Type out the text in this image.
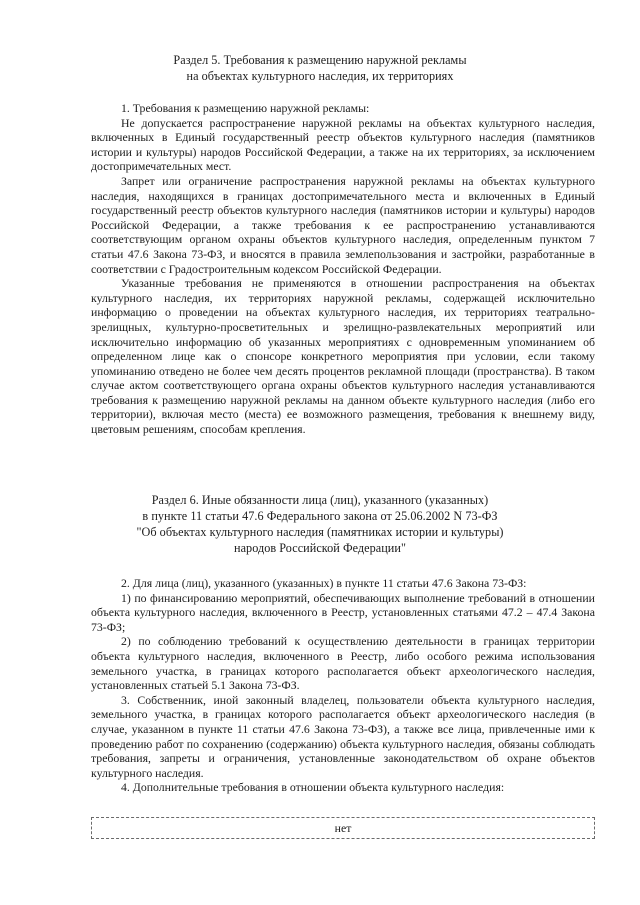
Раздел 5. Требования к размещению наружной рекламы
на объектах культурного наследия, их территориях

1. Требования к размещению наружной рекламы:

Не допускается распространение наружной рекламы на объектах культурного наследия, включенных в Единый государственный реестр объектов культурного наследия (памятников истории и культуры) народов Российской Федерации, а также на их территориях, за исключением достопримечательных мест.

Запрет или ограничение распространения наружной рекламы на объектах культурного наследия, находящихся в границах достопримечательного места и включенных в Единый государственный реестр объектов культурного наследия (памятников истории и культуры) народов Российской Федерации, а также требования к ее распространению устанавливаются соответствующим органом охраны объектов культурного наследия, определенным пунктом 7 статьи 47.6 Закона 73-ФЗ, и вносятся в правила землепользования и застройки, разработанные в соответствии с Градостроительным кодексом Российской Федерации.

Указанные требования не применяются в отношении распространения на объектах культурного наследия, их территориях наружной рекламы, содержащей исключительно информацию о проведении на объектах культурного наследия, их территориях театрально-зрелищных, культурно-просветительных и зрелищно-развлекательных мероприятий или исключительно информацию об указанных мероприятиях с одновременным упоминанием об определенном лице как о спонсоре конкретного мероприятия при условии, если такому упоминанию отведено не более чем десять процентов рекламной площади (пространства). В таком случае актом соответствующего органа охраны объектов культурного наследия устанавливаются требования к размещению наружной рекламы на данном объекте культурного наследия (либо его территории), включая место (места) ее возможного размещения, требования к внешнему виду, цветовым решениям, способам крепления.

Раздел 6. Иные обязанности лица (лиц), указанного (указанных)
в пункте 11 статьи 47.6 Федерального закона от 25.06.2002 N 73-ФЗ
"Об объектах культурного наследия (памятниках истории и культуры)
народов Российской Федерации"

2. Для лица (лиц), указанного (указанных) в пункте 11 статьи 47.6 Закона 73-ФЗ:

1) по финансированию мероприятий, обеспечивающих выполнение требований в отношении объекта культурного наследия, включенного в Реестр, установленных статьями 47.2 – 47.4 Закона 73-ФЗ;

2) по соблюдению требований к осуществлению деятельности в границах территории объекта культурного наследия, включенного в Реестр, либо особого режима использования земельного участка, в границах которого располагается объект археологического наследия, установленных статьей 5.1 Закона 73-ФЗ.

3. Собственник, иной законный владелец, пользователи объекта культурного наследия, земельного участка, в границах которого располагается объект археологического наследия (в случае, указанном в пункте 11 статьи 47.6 Закона 73-ФЗ), а также все лица, привлеченные ими к проведению работ по сохранению (содержанию) объекта культурного наследия, обязаны соблюдать требования, запреты и ограничения, установленные законодательством об охране объектов культурного наследия.

4. Дополнительные требования в отношении объекта культурного наследия:

нет
